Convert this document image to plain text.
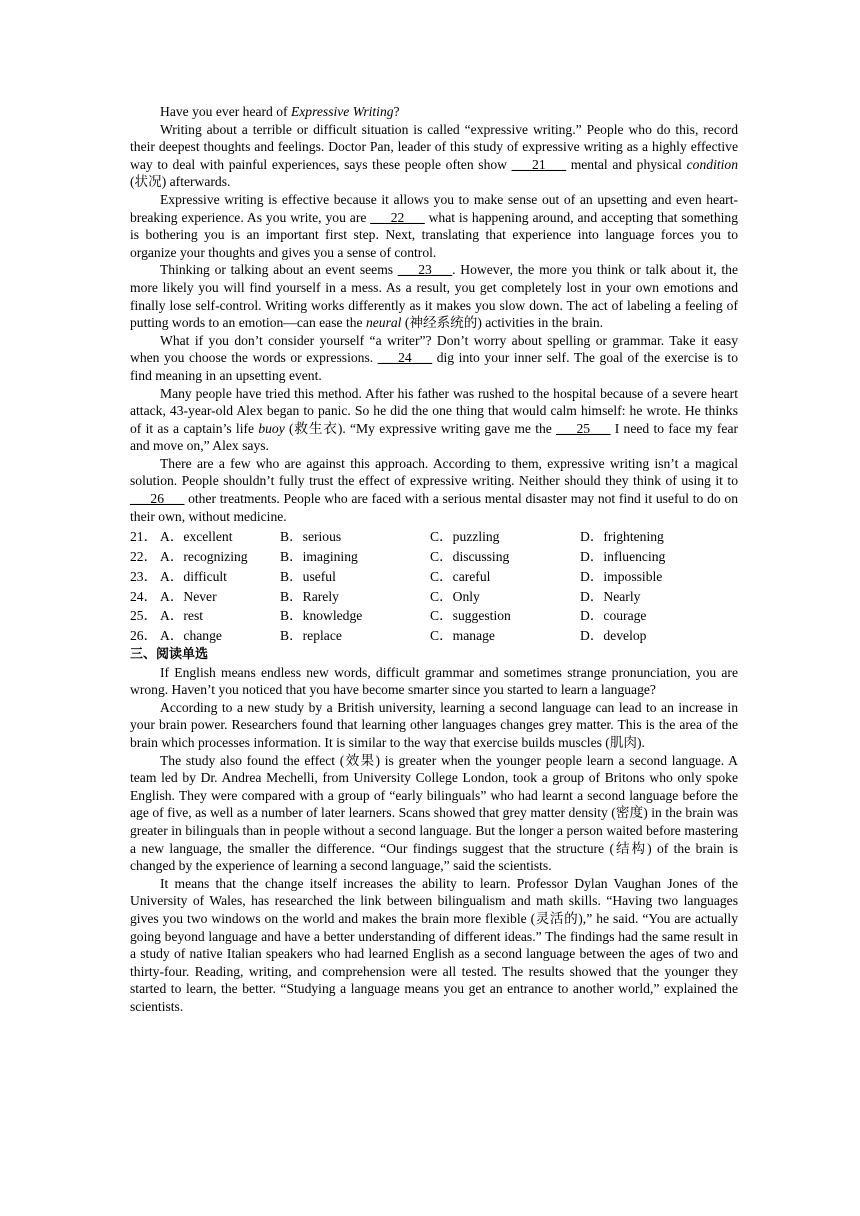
Have you ever heard of Expressive Writing?

Writing about a terrible or difficult situation is called “expressive writing.” People who do this, record their deepest thoughts and feelings. Doctor Pan, leader of this study of expressive writing as a highly effective way to deal with painful experiences, says these people often show ___21___ mental and physical condition (状况) afterwards.

Expressive writing is effective because it allows you to make sense out of an upsetting and even heart-breaking experience. As you write, you are ___22___ what is happening around, and accepting that something is bothering you is an important first step. Next, translating that experience into language forces you to organize your thoughts and gives you a sense of control.

Thinking or talking about an event seems ___23___. However, the more you think or talk about it, the more likely you will find yourself in a mess. As a result, you get completely lost in your own emotions and finally lose self-control. Writing works differently as it makes you slow down. The act of labeling a feeling of putting words to an emotion—can ease the neural (神经系统的) activities in the brain.

What if you don’t consider yourself “a writer”? Don’t worry about spelling or grammar. Take it easy when you choose the words or expressions. ___24___ dig into your inner self. The goal of the exercise is to find meaning in an upsetting event.

Many people have tried this method. After his father was rushed to the hospital because of a severe heart attack, 43-year-old Alex began to panic. So he did the one thing that would calm himself: he wrote. He thinks of it as a captain’s life buoy (救生衣). “My expressive writing gave me the ___25___ I need to face my fear and move on,” Alex says.

There are a few who are against this approach. According to them, expressive writing isn’t a magical solution. People shouldn’t fully trust the effect of expressive writing. Neither should they think of using it to ___26___ other treatments. People who are faced with a serious mental disaster may not find it useful to do on their own, without medicine.

21． A．excellent	B．serious	C．puzzling	D．frightening
22． A．recognizing	B．imagining	C．discussing	D．influencing
23． A．difficult	B．useful	C．careful	D．impossible
24． A．Never	B．Rarely	C．Only	D．Nearly
25． A．rest	B．knowledge	C．suggestion	D．courage
26． A．change	B．replace	C．manage	D．develop

三、阅读单选

If English means endless new words, difficult grammar and sometimes strange pronunciation, you are wrong. Haven’t you noticed that you have become smarter since you started to learn a language?

According to a new study by a British university, learning a second language can lead to an increase in your brain power. Researchers found that learning other languages changes grey matter. This is the area of the brain which processes information. It is similar to the way that exercise builds muscles (肌肉).

The study also found the effect (效果) is greater when the younger people learn a second language. A team led by Dr. Andrea Mechelli, from University College London, took a group of Britons who only spoke English. They were compared with a group of “early bilinguals” who had learnt a second language before the age of five, as well as a number of later learners. Scans showed that grey matter density (密度) in the brain was greater in bilinguals than in people without a second language. But the longer a person waited before mastering a new language, the smaller the difference. “Our findings suggest that the structure (结构) of the brain is changed by the experience of learning a second language,” said the scientists.

It means that the change itself increases the ability to learn. Professor Dylan Vaughan Jones of the University of Wales, has researched the link between bilingualism and math skills. “Having two languages gives you two windows on the world and makes the brain more flexible (灵活的),” he said. “You are actually going beyond language and have a better understanding of different ideas.” The findings had the same result in a study of native Italian speakers who had learned English as a second language between the ages of two and thirty-four. Reading, writing, and comprehension were all tested. The results showed that the younger they started to learn, the better. “Studying a language means you get an entrance to another world,” explained the scientists.
